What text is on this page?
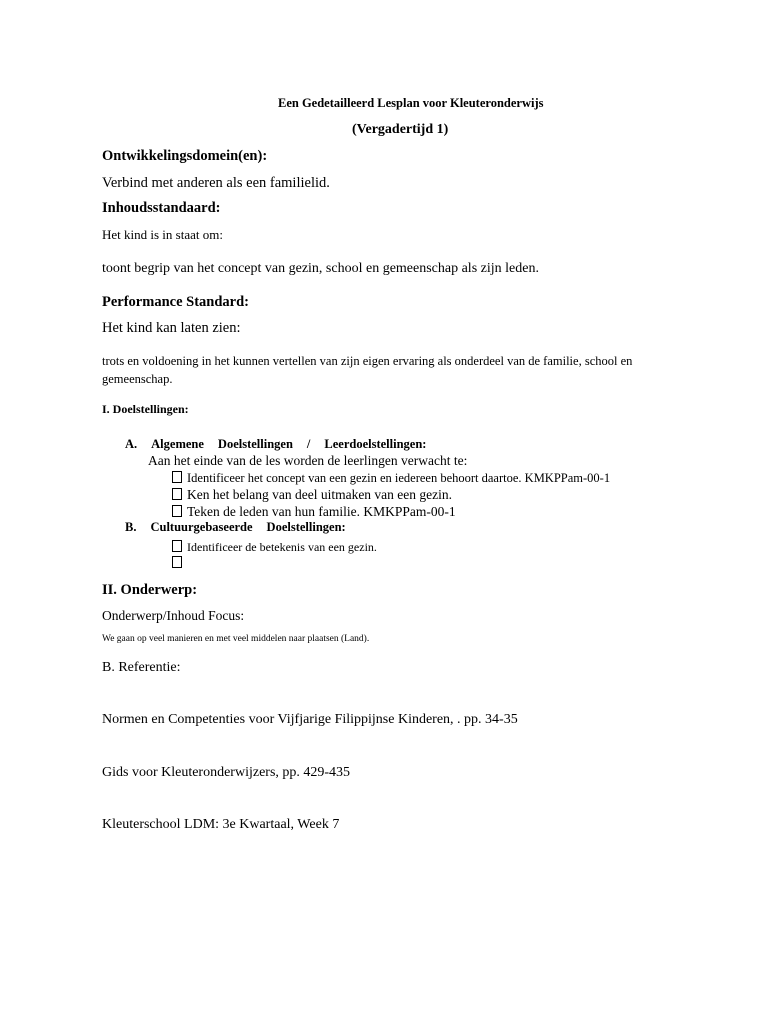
Een Gedetailleerd Lesplan voor Kleuteronderwijs
(Vergadertijd 1)
Ontwikkelingsdomein(en):
Verbind met anderen als een familielid.
Inhoudsstandaard:
Het kind is in staat om:
toont begrip van het concept van gezin, school en gemeenschap als zijn leden.
Performance Standard:
Het kind kan laten zien:
trots en voldoening in het kunnen vertellen van zijn eigen ervaring als onderdeel van de familie, school en gemeenschap.
I. Doelstellingen:
A. Algemene Doelstellingen / Leerdoelstellingen:
Aan het einde van de les worden de leerlingen verwacht te:
Identificeer het concept van een gezin en iedereen behoort daartoe. KMKPPam-00-1
Ken het belang van deel uitmaken van een gezin.
Teken de leden van hun familie. KMKPPam-00-1
B. Cultuurgebaseerde Doelstellingen:
Identificeer de betekenis van een gezin.
II. Onderwerp:
Onderwerp/Inhoud Focus:
We gaan op veel manieren en met veel middelen naar plaatsen (Land).
B. Referentie:
Normen en Competenties voor Vijfjarige Filippijnse Kinderen, . pp. 34-35
Gids voor Kleuteronderwijzers, pp. 429-435
Kleuterschool LDM: 3e Kwartaal, Week 7
